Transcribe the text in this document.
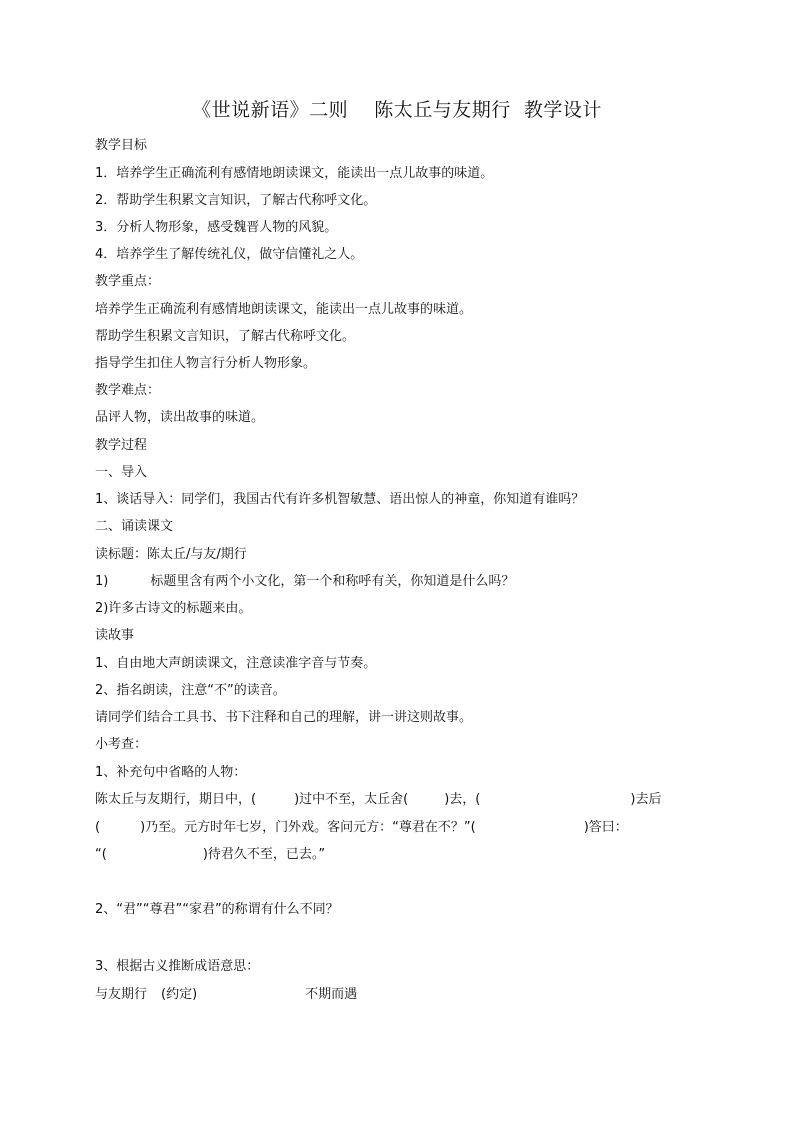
《世说新语》二则    陈太丘与友期行  教学设计
教学目标
1．培养学生正确流利有感情地朗读课文，能读出一点儿故事的味道。
2．帮助学生积累文言知识，了解古代称呼文化。
3．分析人物形象，感受魏晋人物的风貌。
4．培养学生了解传统礼仪，做守信懂礼之人。
教学重点：
培养学生正确流利有感情地朗读课文，能读出一点儿故事的味道。
帮助学生积累文言知识，了解古代称呼文化。
指导学生扣住人物言行分析人物形象。
教学难点：
品评人物，读出故事的味道。
教学过程
一、导入
1、谈话导入：同学们，我国古代有许多机智敏慧、语出惊人的神童，你知道有谁吗？
二、诵读课文
读标题：陈太丘/与友/期行
1)	标题里含有两个小文化，第一个和称呼有关，你知道是什么吗？
2)许多古诗文的标题来由。
读故事
1、自由地大声朗读课文，注意读准字音与节奏。
2、指名朗读，注意“不”的读音。
请同学们结合工具书、书下注释和自己的理解，讲一讲这则故事。
小考查：
1、补充句中省略的人物：
陈太丘与友期行，期日中，(	)过中不至，太丘舍(	)去，(	)去后
(	)乃至。元方时年七岁，门外戏。客问元方：“尊君在不？”(	)答曰：
“(	)待君久不至，已去。”
2、“君”“尊君”“家君”的称谓有什么不同？
3、根据古义推断成语意思：
与友期行 (约定)	不期而遇
